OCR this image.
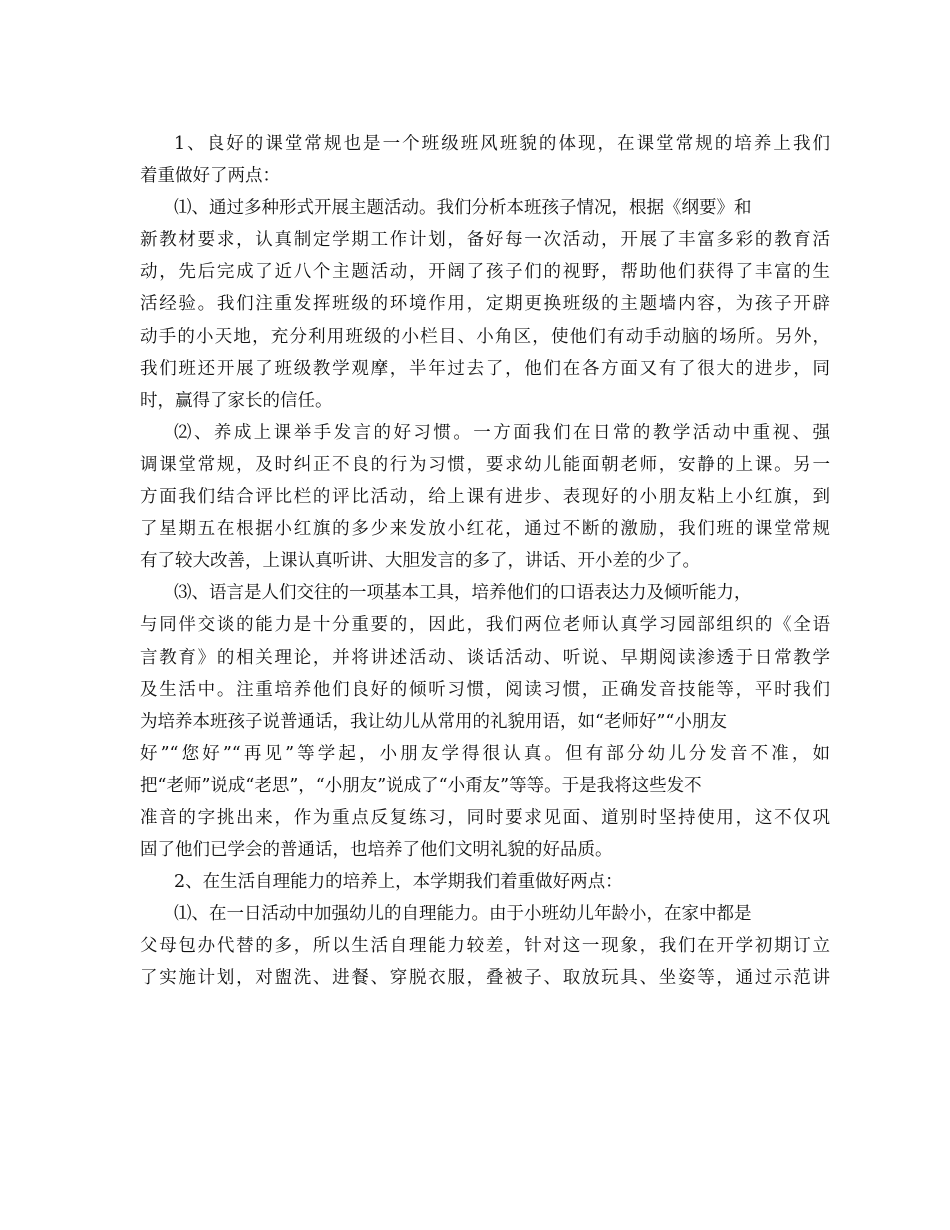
1、良好的课堂常规也是一个班级班风班貌的体现，在课堂常规的培养上我们
着重做好了两点：
⑴、通过多种形式开展主题活动。我们分析本班孩子情况，根据《纲要》和
新教材要求，认真制定学期工作计划，备好每一次活动，开展了丰富多彩的教育活
动，先后完成了近八个主题活动，开阔了孩子们的视野，帮助他们获得了丰富的生
活经验。我们注重发挥班级的环境作用，定期更换班级的主题墙内容，为孩子开辟
动手的小天地，充分利用班级的小栏目、小角区，使他们有动手动脑的场所。另外，
我们班还开展了班级教学观摩，半年过去了，他们在各方面又有了很大的进步，同
时，赢得了家长的信任。
⑵、养成上课举手发言的好习惯。一方面我们在日常的教学活动中重视、强
调课堂常规，及时纠正不良的行为习惯，要求幼儿能面朝老师，安静的上课。另一
方面我们结合评比栏的评比活动，给上课有进步、表现好的小朋友粘上小红旗，到
了星期五在根据小红旗的多少来发放小红花，通过不断的激励，我们班的课堂常规
有了较大改善，上课认真听讲、大胆发言的多了，讲话、开小差的少了。
⑶、语言是人们交往的一项基本工具，培养他们的口语表达力及倾听能力，
与同伴交谈的能力是十分重要的，因此，我们两位老师认真学习园部组织的《全语
言教育》的相关理论，并将讲述活动、谈话活动、听说、早期阅读渗透于日常教学
及生活中。注重培养他们良好的倾听习惯，阅读习惯，正确发音技能等，平时我们
为培养本班孩子说普通话，我让幼儿从常用的礼貌用语，如“老师好”“小朋友
好”“您好”“再见”等学起，小朋友学得很认真。但有部分幼儿分发音不准，如
把“老师”说成“老思”，“小朋友”说成了“小甭友”等等。于是我将这些发不
准音的字挑出来，作为重点反复练习，同时要求见面、道别时坚持使用，这不仅巩
固了他们已学会的普通话，也培养了他们文明礼貌的好品质。
2、在生活自理能力的培养上，本学期我们着重做好两点：
⑴、在一日活动中加强幼儿的自理能力。由于小班幼儿年龄小，在家中都是
父母包办代替的多，所以生活自理能力较差，针对这一现象，我们在开学初期订立
了实施计划，对盥洗、进餐、穿脱衣服，叠被子、取放玩具、坐姿等，通过示范讲
